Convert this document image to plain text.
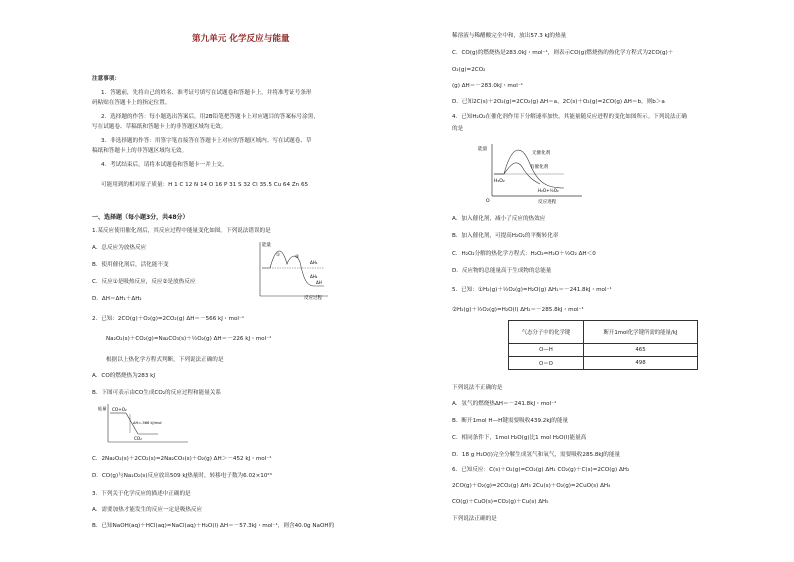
第九单元 化学反应与能量
注意事项：
1．答题前，先将自己的姓名、准考证号填写在试题卷和答题卡上，并将准考证号条形
码粘贴在答题卡上的指定位置。
2．选择题的作答：每小题选出答案后，用2B铅笔把答题卡上对应题目的答案标号涂黑，
写在试题卷、草稿纸和答题卡上的非答题区域均无效。
3．非选择题的作答：用签字笔直接答在答题卡上对应的答题区域内。写在试题卷、草
稿纸和答题卡上的非答题区域均无效。
4．考试结束后，请将本试题卷和答题卡一并上交。
可能用到的相对原子质量：H 1 C 12 N 14 O 16 P 31 S 32 Cl 35.5 Cu 64 Zn 65
一、选择题（每小题3分，共48分）
1.某反应使用催化剂后，其反应过程中能量变化如图。下列说法错误的是
A．总反应为放热反应
B．使用催化剂后，活化能不变
C．反应①是吸热反应，反应②是放热反应
D．ΔH＝ΔH₁＋ΔH₂
能量
反应过程
①	②
ΔH₁
ΔH₂
ΔH
2．已知：2CO(g)＋O₂(g)=2CO₂(g) ΔH＝－566 kJ・mol⁻¹
Na₂O₂(s)＋CO₂(g)=Na₂CO₃(s)＋½O₂(g) ΔH＝－226 kJ・mol⁻¹
根据以上热化学方程式判断，下列说法正确的是
A．CO的燃烧热为283 kJ
B．下图可表示由CO生成CO₂的反应过程和能量关系
能量 CO+O₂
CO₂
ΔH=-566 kJ/mol
C．2Na₂O₂(s)＋2CO₂(s)=2Na₂CO₃(s)＋O₂(g) ΔH＞－452 kJ・mol⁻¹
D．CO(g)与Na₂O₂(s)反应放出509 kJ热量时，转移电子数为6.02×10²³
3．下列关于化学反应的描述中正确的是
A．需要加热才能发生的反应一定是吸热反应
B．已知NaOH(aq)＋HCl(aq)=NaCl(aq)＋H₂O(l) ΔH＝－57.3kJ・mol⁻¹，则含40.0g NaOH的
稀溶液与稀醋酸完全中和，放出57.3 kJ的热量
C．CO(g)的燃烧热是283.0kJ・mol⁻¹，则表示CO(g)燃烧热的热化学方程式为2CO(g)＋
O₂(g)=2CO₂
(g) ΔH＝－283.0kJ・mol⁻¹
D．已知2C(s)＋2O₂(g)=2CO₂(g) ΔH＝a，2C(s)＋O₂(g)=2CO(g) ΔH＝b，则b＞a
4．已知H₂O₂在催化剂作用下分解速率加快，其能量随反应进程的变化如图所示。下列说法正确
的是
能量
无催化剂
有催化剂
H₂O₂
H₂O+½O₂
反应进程
O
A．加入催化剂，减小了反应的热效应
B．加入催化剂，可提高H₂O₂的平衡转化率
C．H₂O₂分解的热化学方程式：H₂O₂=H₂O＋½O₂ ΔH＜0
D．反应物的总能量高于生成物的总能量
5．已知：①H₂(g)＋½O₂(g)=H₂O(g) ΔH₁＝－241.8kJ・mol⁻¹
②H₂(g)＋½O₂(g)=H₂O(l) ΔH₂＝－285.8kJ・mol⁻¹
气态分子中的化学键	断开1mol化学键所需的能量/kJ
O—H	465
O＝O	498
下列说法不正确的是
A．氢气的燃烧热ΔH＝－241.8kJ・mol⁻¹
B．断开1mol H—H键需要吸收439.2kJ的能量
C．相同条件下，1mol H₂O(g)比1 mol H₂O(l)能量高
D．18 g H₂O(l)完全分解生成氢气和氧气，需要吸收285.8kJ的能量
6．已知反应：C(s)＋O₂(g)=CO₂(g) ΔH₁ CO₂(g)＋C(s)=2CO(g) ΔH₂
2CO(g)＋O₂(g)=2CO₂(g) ΔH₃ 2Cu(s)＋O₂(g)=2CuO(s) ΔH₄
CO(g)＋CuO(s)=CO₂(g)＋Cu(s) ΔH₅
下列说法正确的是
